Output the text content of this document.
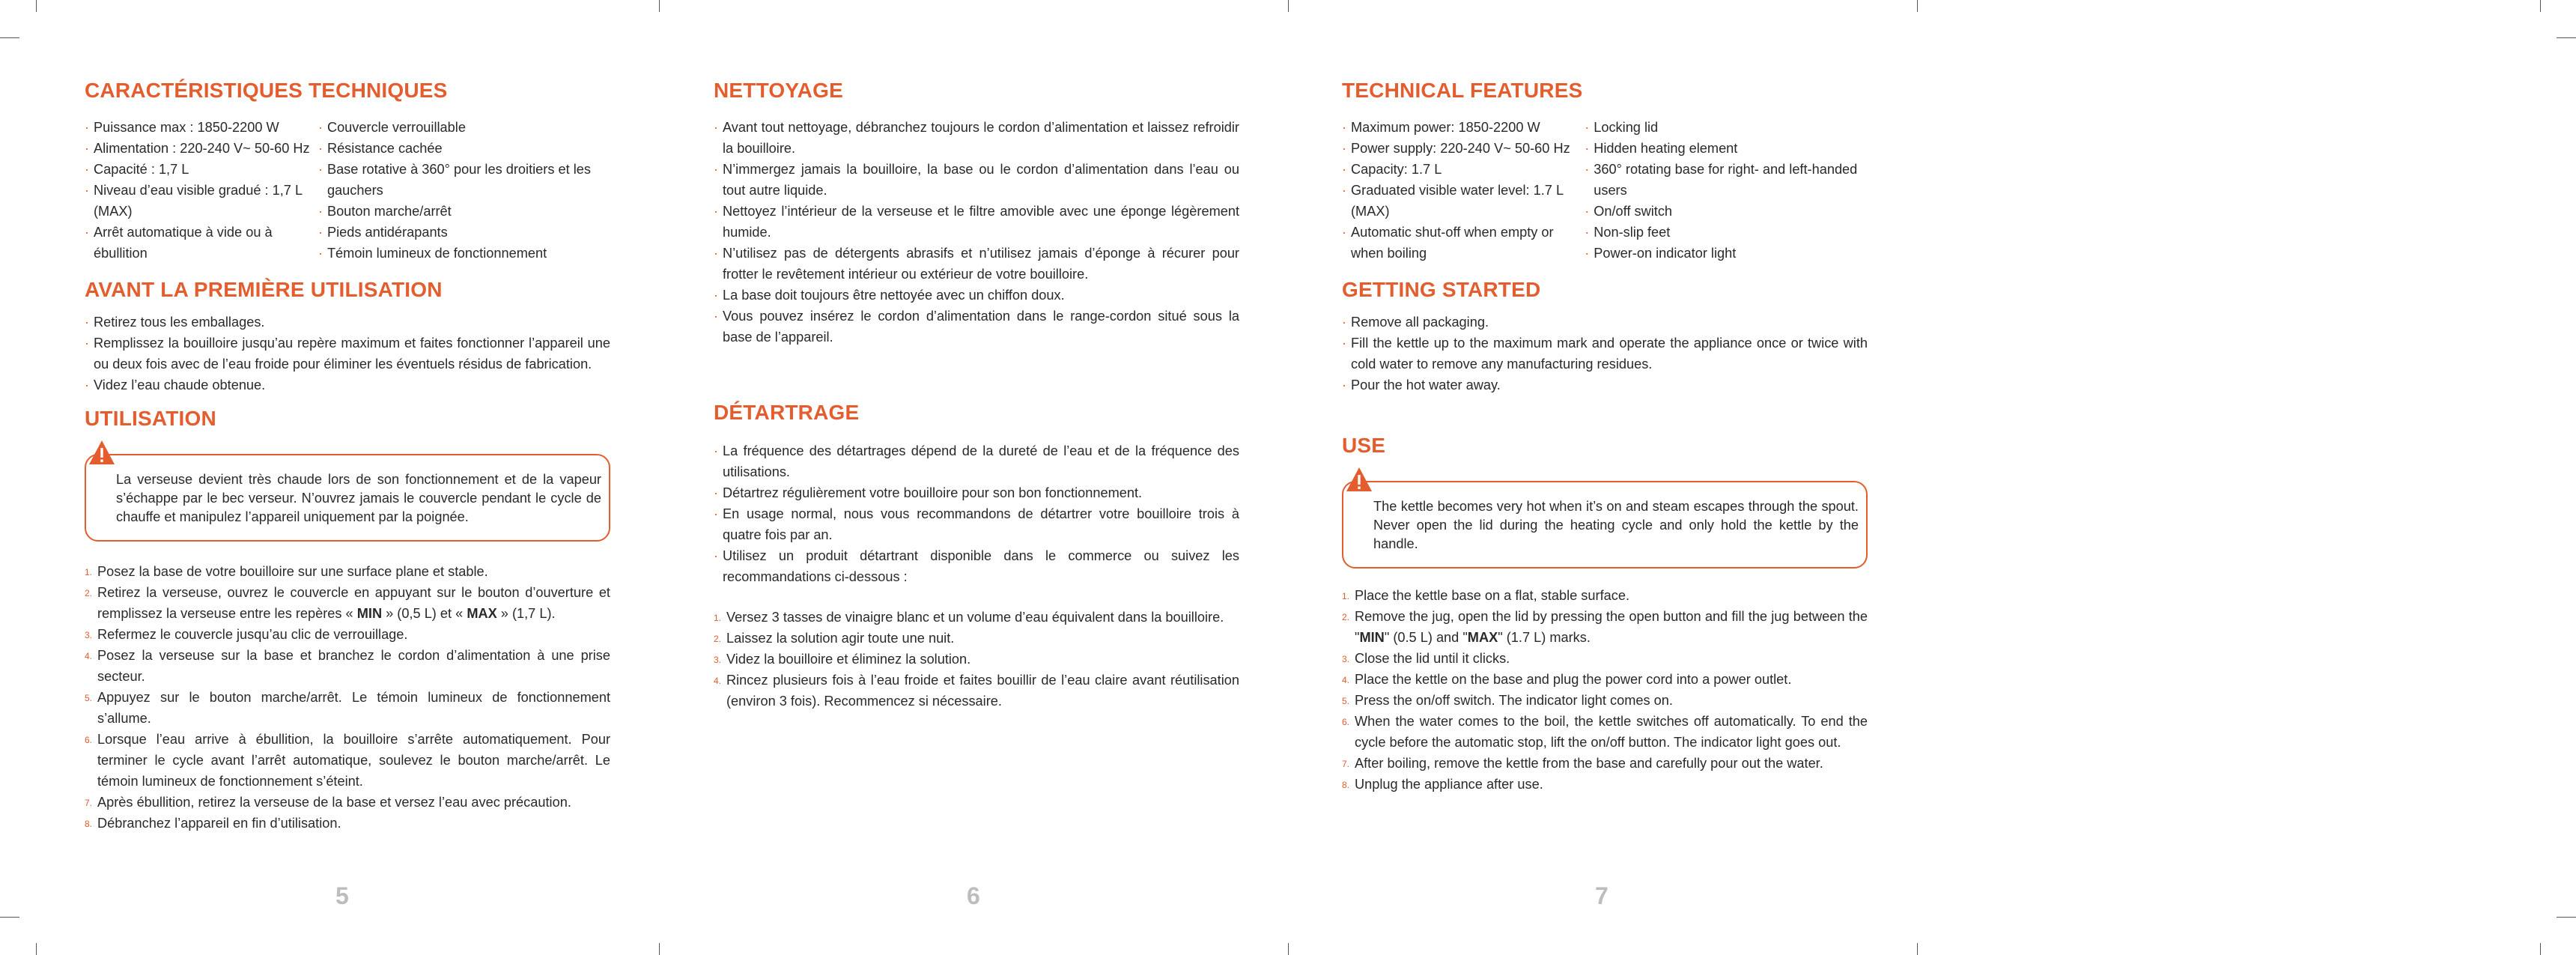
CARACTÉRISTIQUES TECHNIQUES
· Puissance max : 1850-2200 W
· Alimentation : 220-240 V~ 50-60 Hz
· Capacité : 1,7 L
· Niveau d’eau visible gradué : 1,7 L (MAX)
· Arrêt automatique à vide ou à ébullition
· Couvercle verrouillable
· Résistance cachée
· Base rotative à 360° pour les droitiers et les gauchers
· Bouton marche/arrêt
· Pieds antidérapants
· Témoin lumineux de fonctionnement
AVANT LA PREMIÈRE UTILISATION
· Retirez tous les emballages.
· Remplissez la bouilloire jusqu’au repère maximum et faites fonctionner l’appareil une ou deux fois avec de l’eau froide pour éliminer les éventuels résidus de fabrication.
· Videz l’eau chaude obtenue.
UTILISATION

La verseuse devient très chaude lors de son fonctionnement et de la vapeur s’échappe par le bec verseur. N’ouvrez jamais le couvercle pendant le cycle de chauffe et manipulez l’appareil uniquement par la poignée.

1. Posez la base de votre bouilloire sur une surface plane et stable.
2. Retirez la verseuse, ouvrez le couvercle en appuyant sur le bouton d’ouverture et remplissez la verseuse entre les repères « MIN » (0,5 L) et « MAX » (1,7 L).
3. Refermez le couvercle jusqu’au clic de verrouillage.
4. Posez la verseuse sur la base et branchez le cordon d’alimentation à une prise secteur.
5. Appuyez sur le bouton marche/arrêt. Le témoin lumineux de fonctionnement s’allume.
6. Lorsque l’eau arrive à ébullition, la bouilloire s’arrête automatiquement. Pour terminer le cycle avant l’arrêt automatique, soulevez le bouton marche/arrêt. Le témoin lumineux de fonctionnement s’éteint.
7. Après ébullition, retirez la verseuse de la base et versez l’eau avec précaution.
8. Débranchez l’appareil en fin d’utilisation.
5
NETTOYAGE
· Avant tout nettoyage, débranchez toujours le cordon d’alimentation et laissez refroidir la bouilloire.
· N’immergez jamais la bouilloire, la base ou le cordon d’alimentation dans l’eau ou tout autre liquide.
· Nettoyez l’intérieur de la verseuse et le filtre amovible avec une éponge légèrement humide.
· N’utilisez pas de détergents abrasifs et n’utilisez jamais d’éponge à récurer pour frotter le revêtement intérieur ou extérieur de votre bouilloire.
· La base doit toujours être nettoyée avec un chiffon doux.
· Vous pouvez insérez le cordon d’alimentation dans le range-cordon situé sous la base de l’appareil.
DÉTARTRAGE
· La fréquence des détartrages dépend de la dureté de l’eau et de la fréquence des utilisations.
· Détartrez régulièrement votre bouilloire pour son bon fonctionnement.
· En usage normal, nous vous recommandons de détartrer votre bouilloire trois à quatre fois par an.
· Utilisez un produit détartrant disponible dans le commerce ou suivez les recommandations ci-dessous :
1. Versez 3 tasses de vinaigre blanc et un volume d’eau équivalent dans la bouilloire.
2. Laissez la solution agir toute une nuit.
3. Videz la bouilloire et éliminez la solution.
4. Rincez plusieurs fois à l’eau froide et faites bouillir de l’eau claire avant réutilisation (environ 3 fois). Recommencez si nécessaire.
6
TECHNICAL FEATURES
· Maximum power: 1850-2200 W
· Power supply: 220-240 V~ 50-60 Hz
· Capacity: 1.7 L
· Graduated visible water level: 1.7 L (MAX)
· Automatic shut-off when empty or when boiling
· Locking lid
· Hidden heating element
· 360° rotating base for right- and left-handed users
· On/off switch
· Non-slip feet
· Power-on indicator light
GETTING STARTED
· Remove all packaging.
· Fill the kettle up to the maximum mark and operate the appliance once or twice with cold water to remove any manufacturing residues.
· Pour the hot water away.
USE

The kettle becomes very hot when it’s on and steam escapes through the spout. Never open the lid during the heating cycle and only hold the kettle by the handle.

1. Place the kettle base on a flat, stable surface.
2. Remove the jug, open the lid by pressing the open button and fill the jug between the "MIN" (0.5 L) and "MAX" (1.7 L) marks.
3. Close the lid until it clicks.
4. Place the kettle on the base and plug the power cord into a power outlet.
5. Press the on/off switch. The indicator light comes on.
6. When the water comes to the boil, the kettle switches off automatically. To end the cycle before the automatic stop, lift the on/off button. The indicator light goes out.
7. After boiling, remove the kettle from the base and carefully pour out the water.
8. Unplug the appliance after use.
7
